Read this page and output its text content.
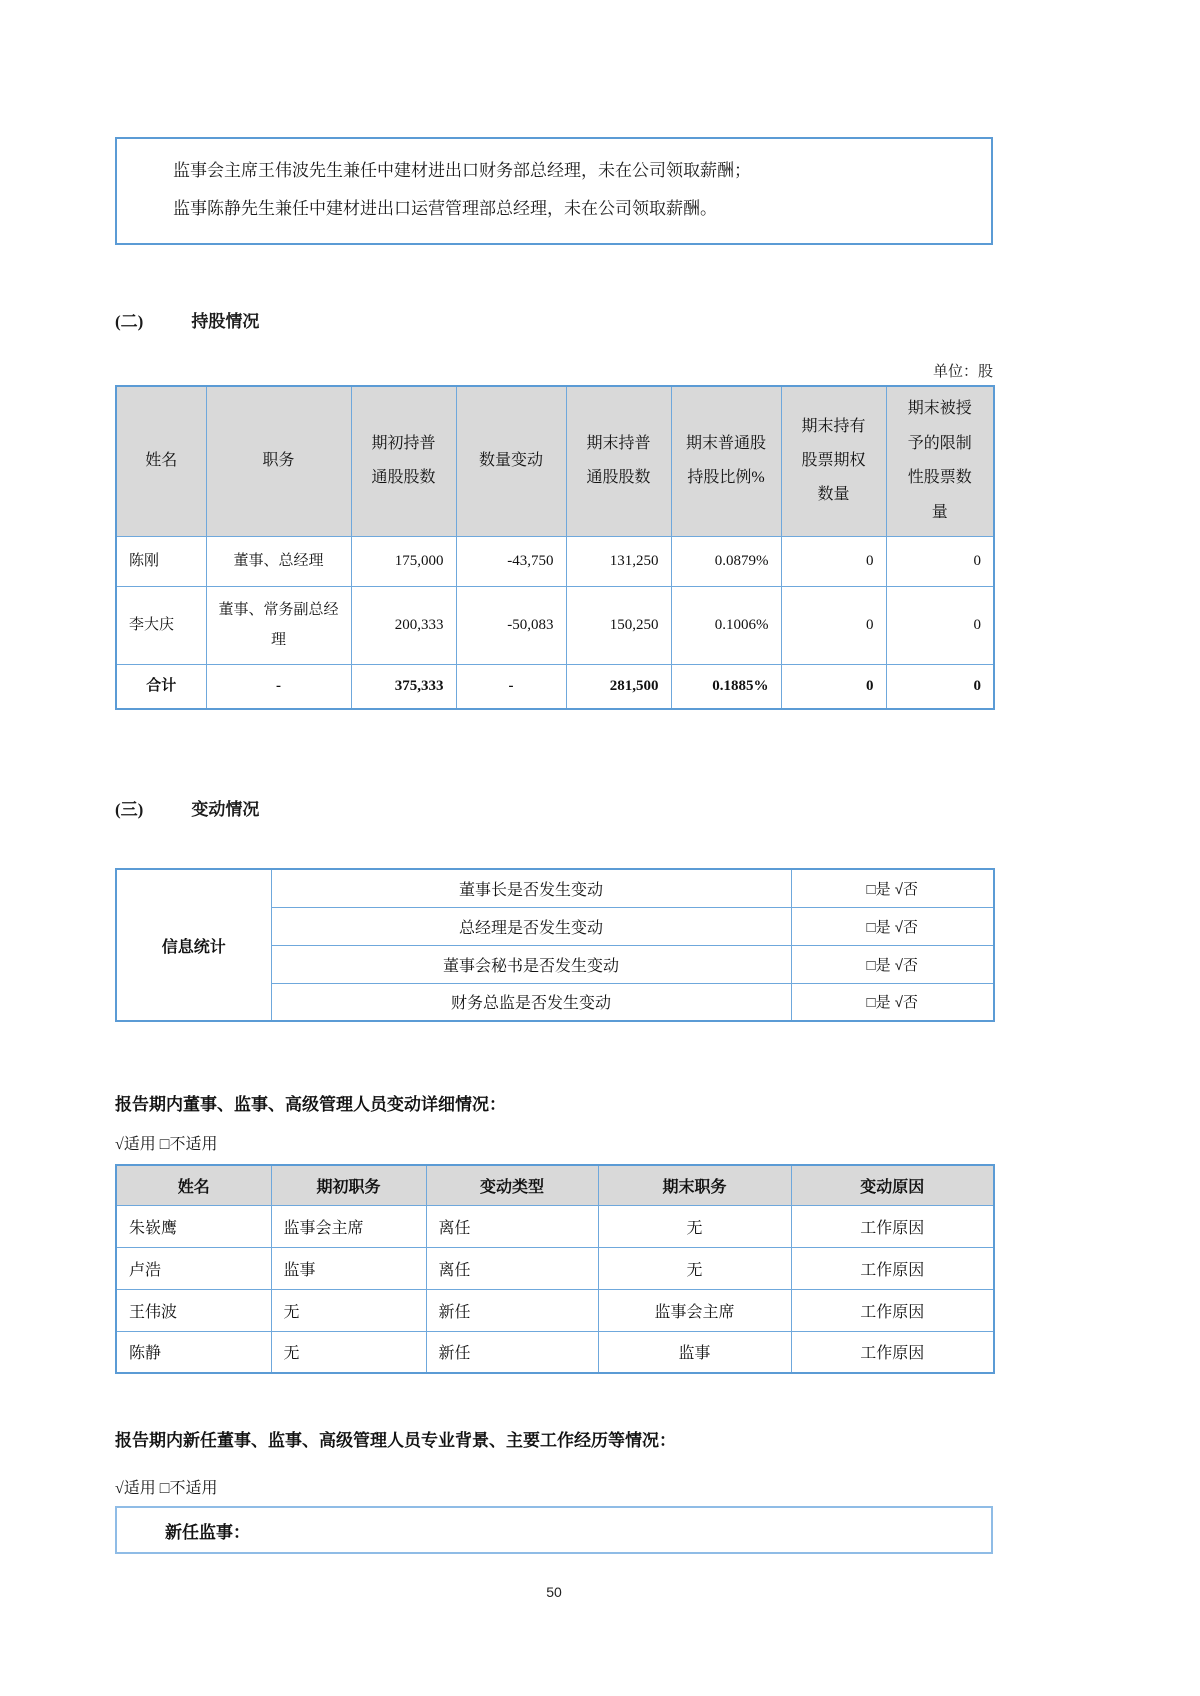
监事会主席王伟波先生兼任中建材进出口财务部总经理，未在公司领取薪酬；

监事陈静先生兼任中建材进出口运营管理部总经理，未在公司领取薪酬。

(二)	持股情况
单位：股
姓名	职务	期初持普通股股数	数量变动	期末持普通股股数	期末普通股持股比例%	期末持有股票期权数量	期末被授予的限制性股票数量
陈刚	董事、总经理	175,000	-43,750	131,250	0.0879%	0	0
李大庆	董事、常务副总经理	200,333	-50,083	150,250	0.1006%	0	0
合计	-	375,333	-	281,500	0.1885%	0	0
(三)	变动情况
信息统计	董事长是否发生变动	□是 √否
	总经理是否发生变动	□是 √否
	董事会秘书是否发生变动	□是 √否
	财务总监是否发生变动	□是 √否
报告期内董事、监事、高级管理人员变动详细情况：
√适用 □不适用
姓名	期初职务	变动类型	期末职务	变动原因
朱嵚鹰	监事会主席	离任	无	工作原因
卢浩	监事	离任	无	工作原因
王伟波	无	新任	监事会主席	工作原因
陈静	无	新任	监事	工作原因
报告期内新任董事、监事、高级管理人员专业背景、主要工作经历等情况：
√适用 □不适用
新任监事：
50
